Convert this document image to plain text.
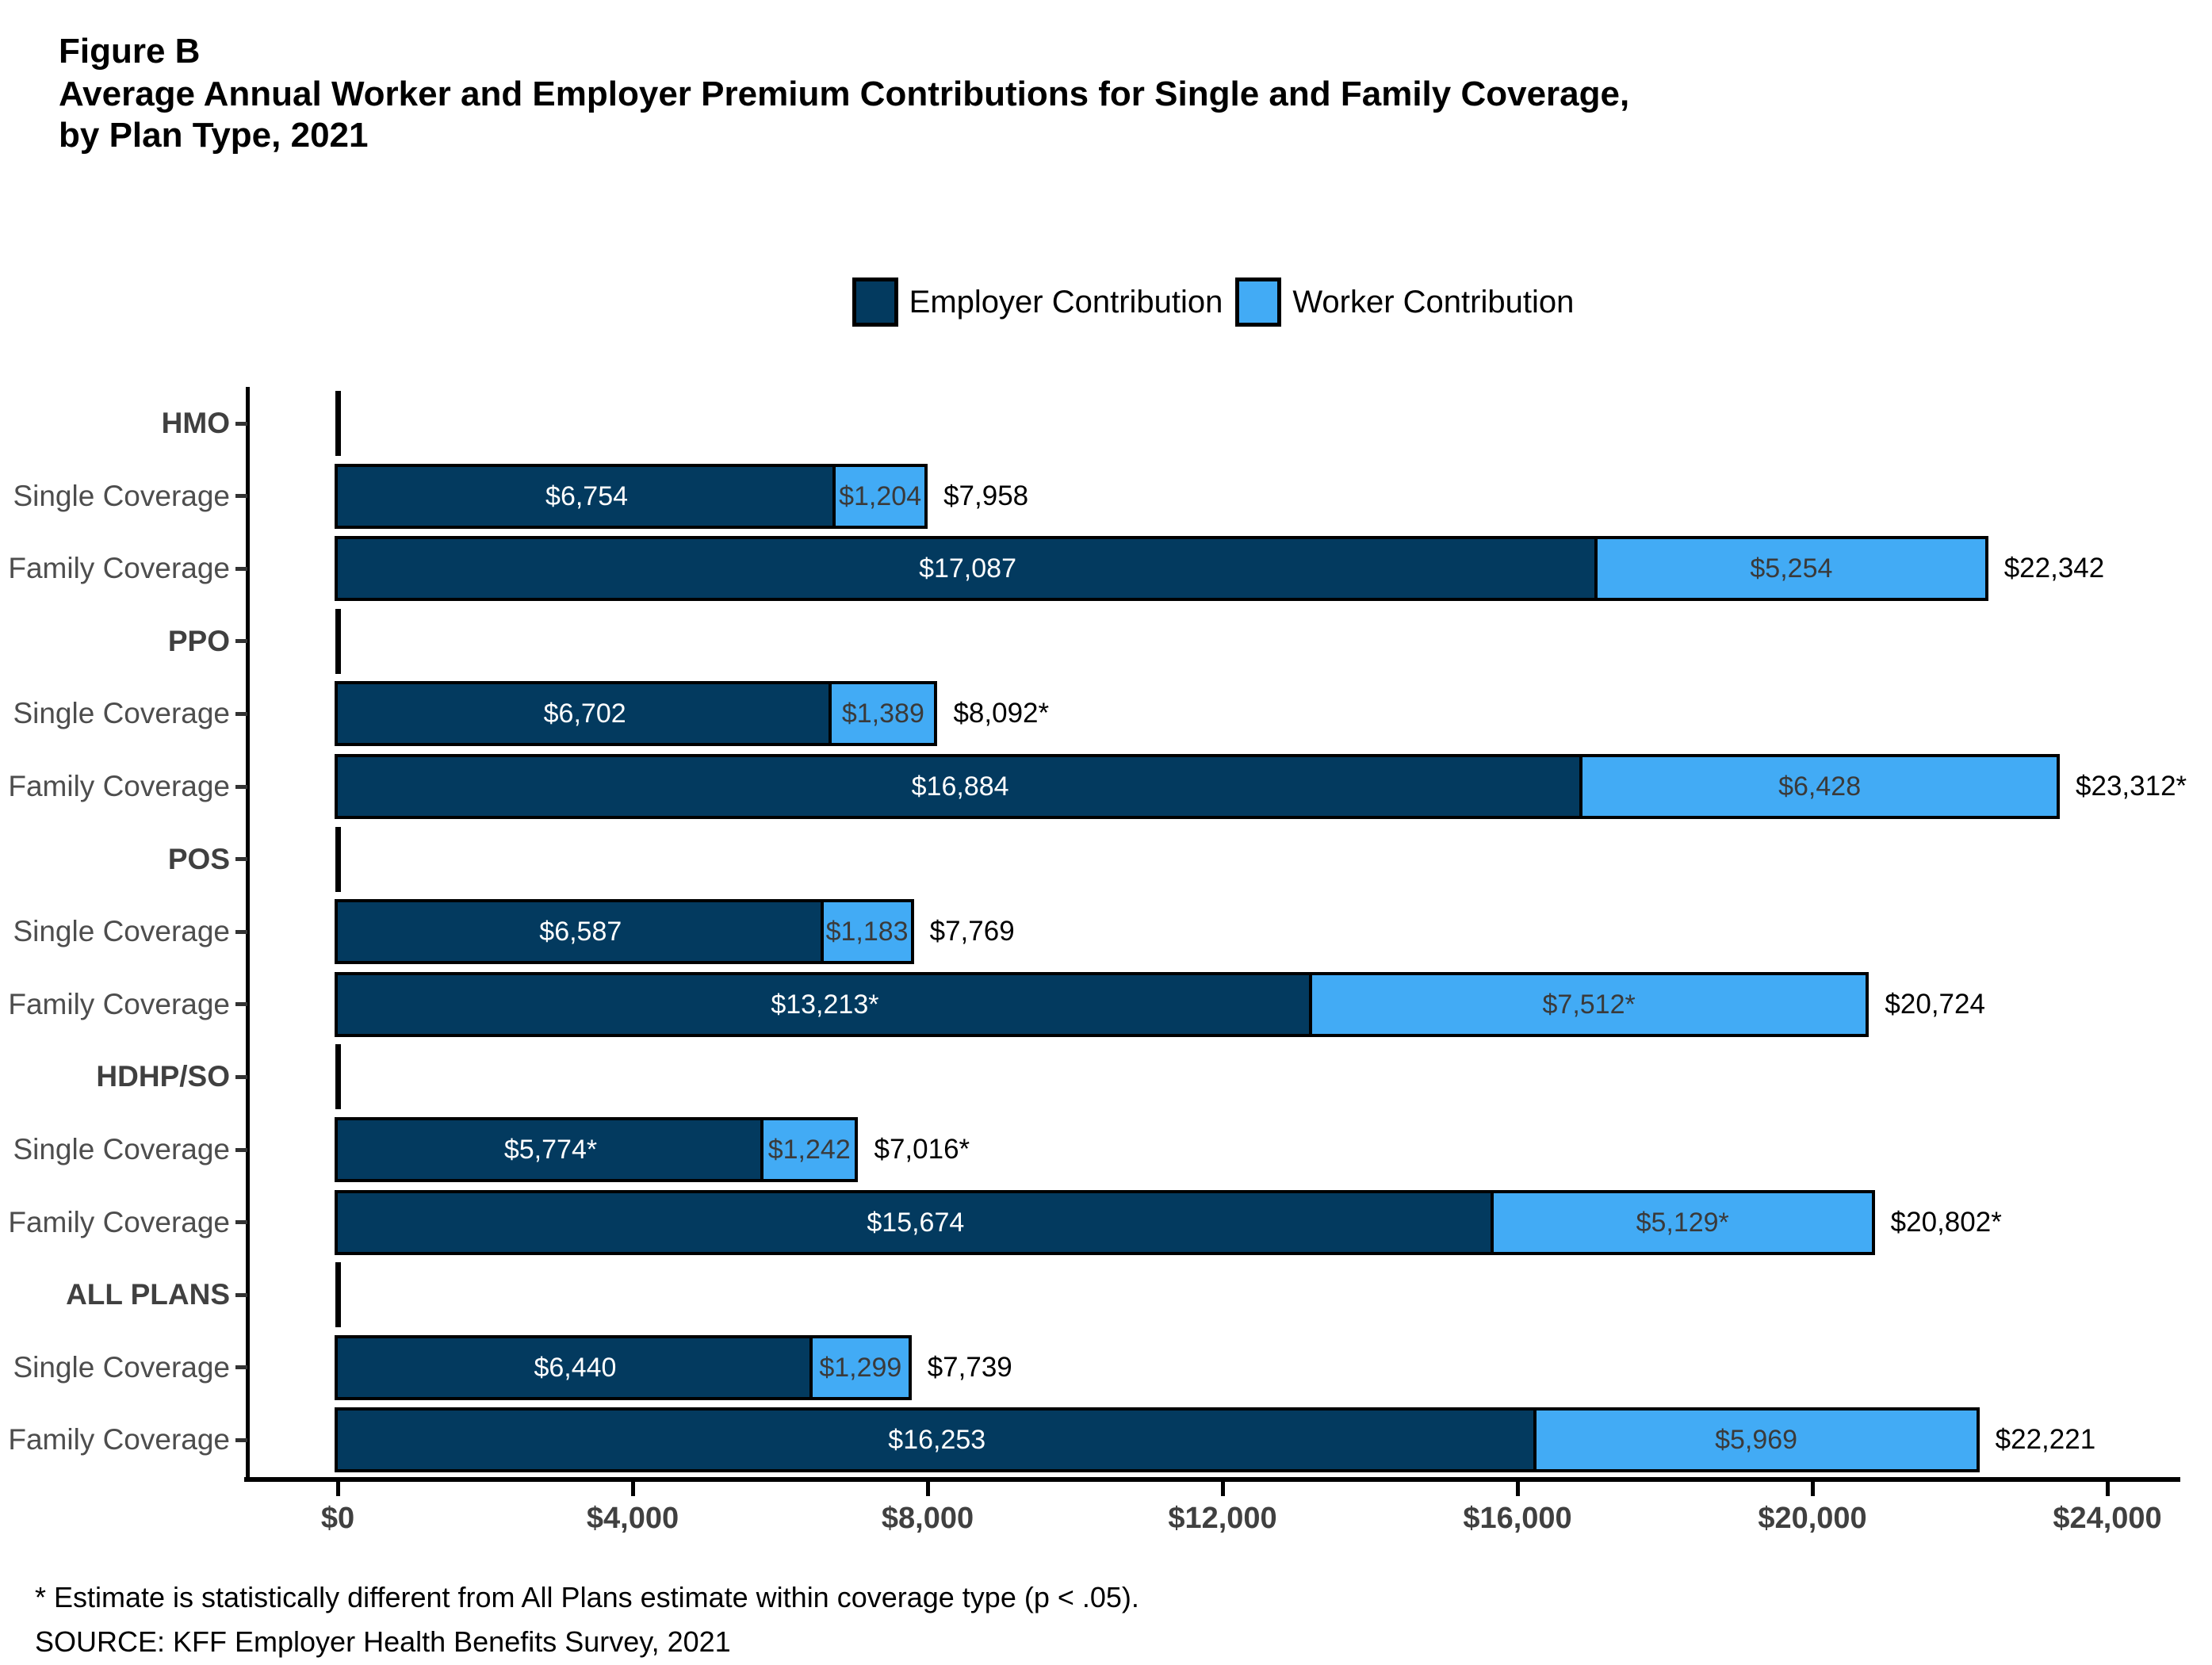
Figure B
Average Annual Worker and Employer Premium Contributions for Single and Family Coverage,
by Plan Type, 2021
Employer Contribution Worker Contribution
HMO
Single Coverage	$6,754	$1,204 $7,958
Family Coverage	$17,087	$5,254	$22,342
PPO
Single Coverage	$6,702	$1,389	$8,092*
Family Coverage	$16,884	$6,428	$23,312*
POS
Single Coverage	$6,587	$1,183 $7,769
Family Coverage	$13,213*	$7,512*	$20,724
HDHP/SO
Single Coverage	$5,774*	$1,242 $7,016*
Family Coverage	$15,674	$5,129*	$20,802*
ALL PLANS
Single Coverage	$6,440	$1,299 $7,739
Family Coverage	$16,253	$5,969	$22,221
$0	$4,000	$8,000	$12,000	$16,000	$20,000	$24,000
* Estimate is statistically different from All Plans estimate within coverage type (p < .05).
SOURCE: KFF Employer Health Benefits Survey, 2021
